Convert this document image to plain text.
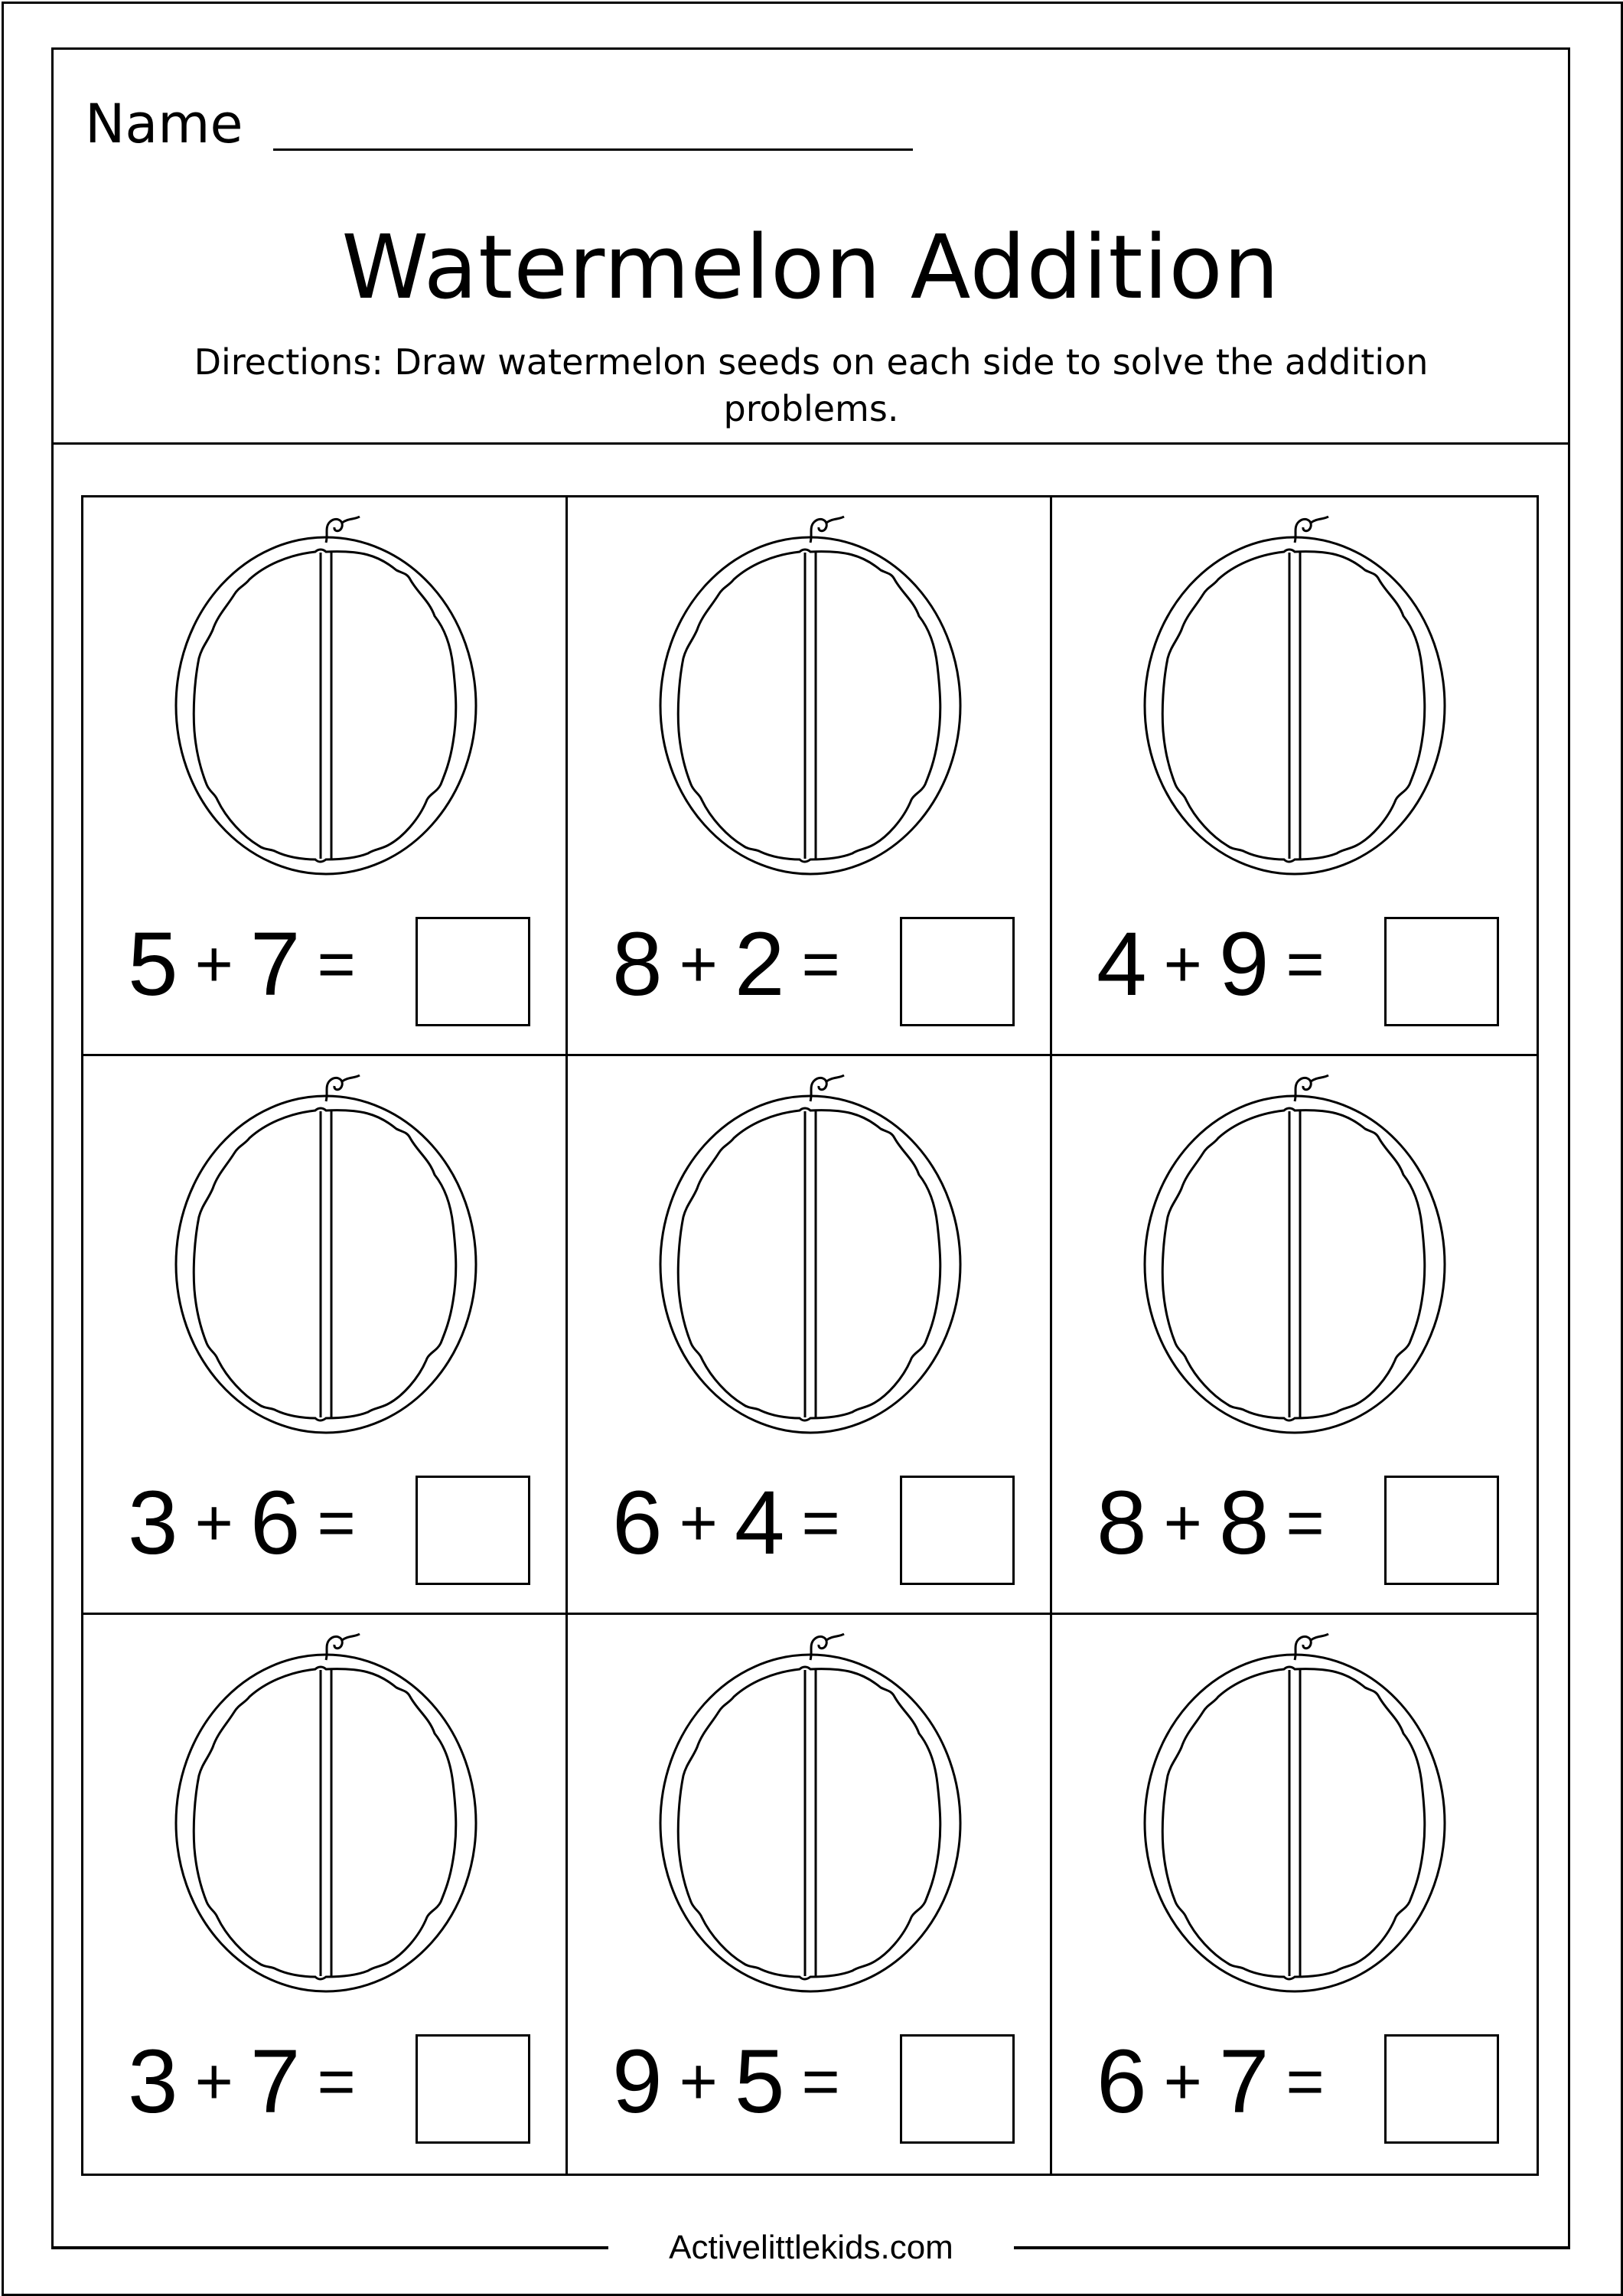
Name
Watermelon Addition
Directions: Draw watermelon seeds on each side to solve the addition problems.
5 + 7 =	8 + 2 =	4 + 9 =
3 + 6 =	6 + 4 =	8 + 8 =
3 + 7 =	9 + 5 =	6 + 7 =
Activelittlekids.com
